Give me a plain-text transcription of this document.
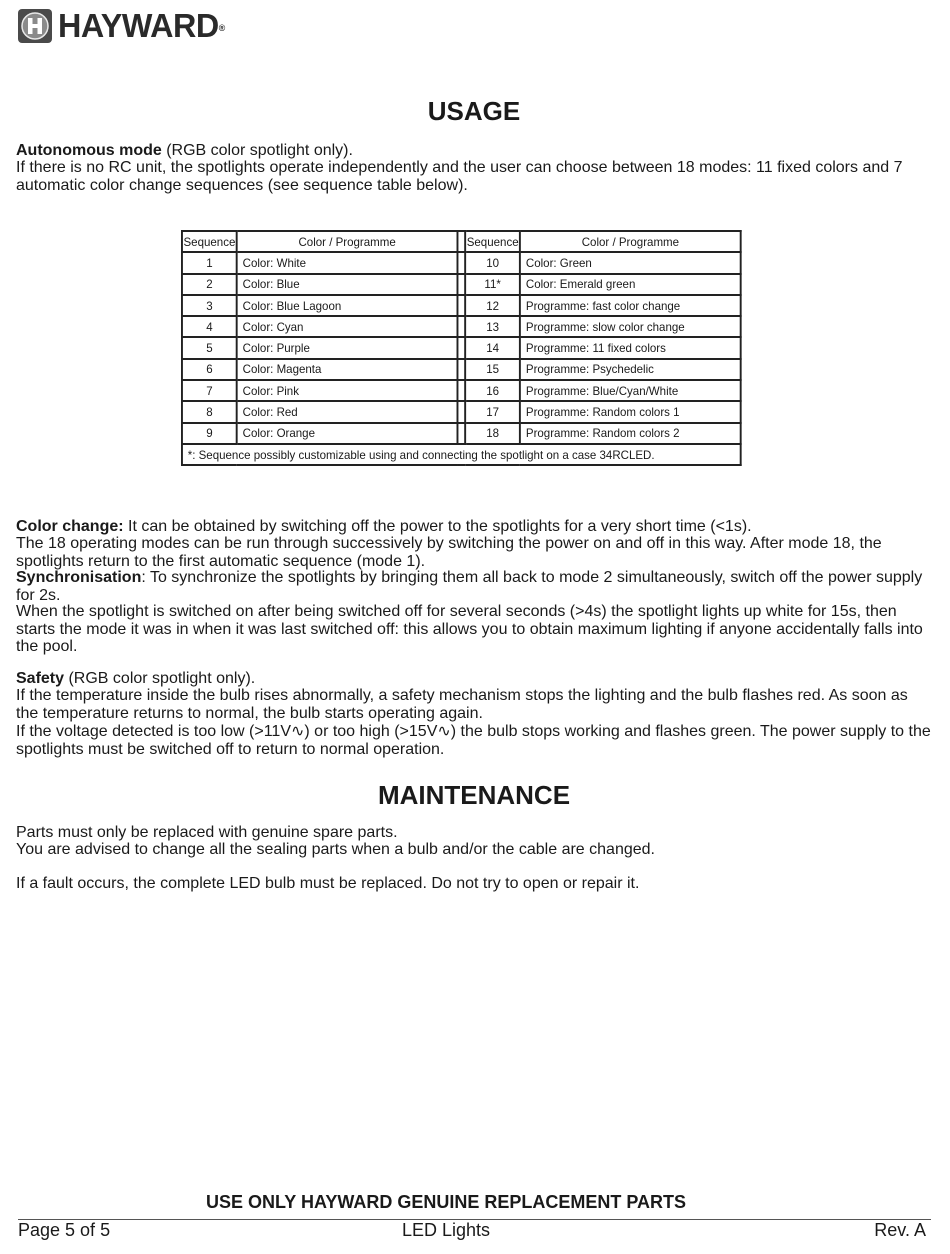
HAYWARD®
USAGE

Autonomous mode (RGB color spotlight only).

If there is no RC unit, the spotlights operate independently and the user can choose between 18 modes: 11 fixed colors and 7 automatic color change sequences (see sequence table below).

Sequence	Color / Programme		Sequence	Color / Programme
1	Color: White		10	Color: Green
2	Color: Blue		11*	Color: Emerald green
3	Color: Blue Lagoon		12	Programme: fast color change
4	Color: Cyan		13	Programme: slow color change
5	Color: Purple		14	Programme: 11 fixed colors
6	Color: Magenta		15	Programme: Psychedelic
7	Color: Pink		16	Programme: Blue/Cyan/White
8	Color: Red		17	Programme: Random colors 1
9	Color: Orange		18	Programme: Random colors 2
*: Sequence possibly customizable using and connecting the spotlight on a case 34RCLED.				

Color change: It can be obtained by switching off the power to the spotlights for a very short time (<1s).

The 18 operating modes can be run through successively by switching the power on and off in this way. After mode 18, the spotlights return to the first automatic sequence (mode 1).

Synchronisation: To synchronize the spotlights by bringing them all back to mode 2 simultaneously, switch off the power supply for 2s.

When the spotlight is switched on after being switched off for several seconds (>4s) the spotlight lights up white for 15s, then starts the mode it was in when it was last switched off: this allows you to obtain maximum lighting if anyone accidentally falls into the pool.

Safety (RGB color spotlight only).

If the temperature inside the bulb rises abnormally, a safety mechanism stops the lighting and the bulb flashes red. As soon as the temperature returns to normal, the bulb starts operating again.

If the voltage detected is too low (>11V∿) or too high (>15V∿) the bulb stops working and flashes green. The power supply to the spotlights must be switched off to return to normal operation.

MAINTENANCE

Parts must only be replaced with genuine spare parts.

You are advised to change all the sealing parts when a bulb and/or the cable are changed.

If a fault occurs, the complete LED bulb must be replaced. Do not try to open or repair it.

USE ONLY HAYWARD GENUINE REPLACEMENT PARTS
Page 5 of 5	LED Lights	Rev. A
